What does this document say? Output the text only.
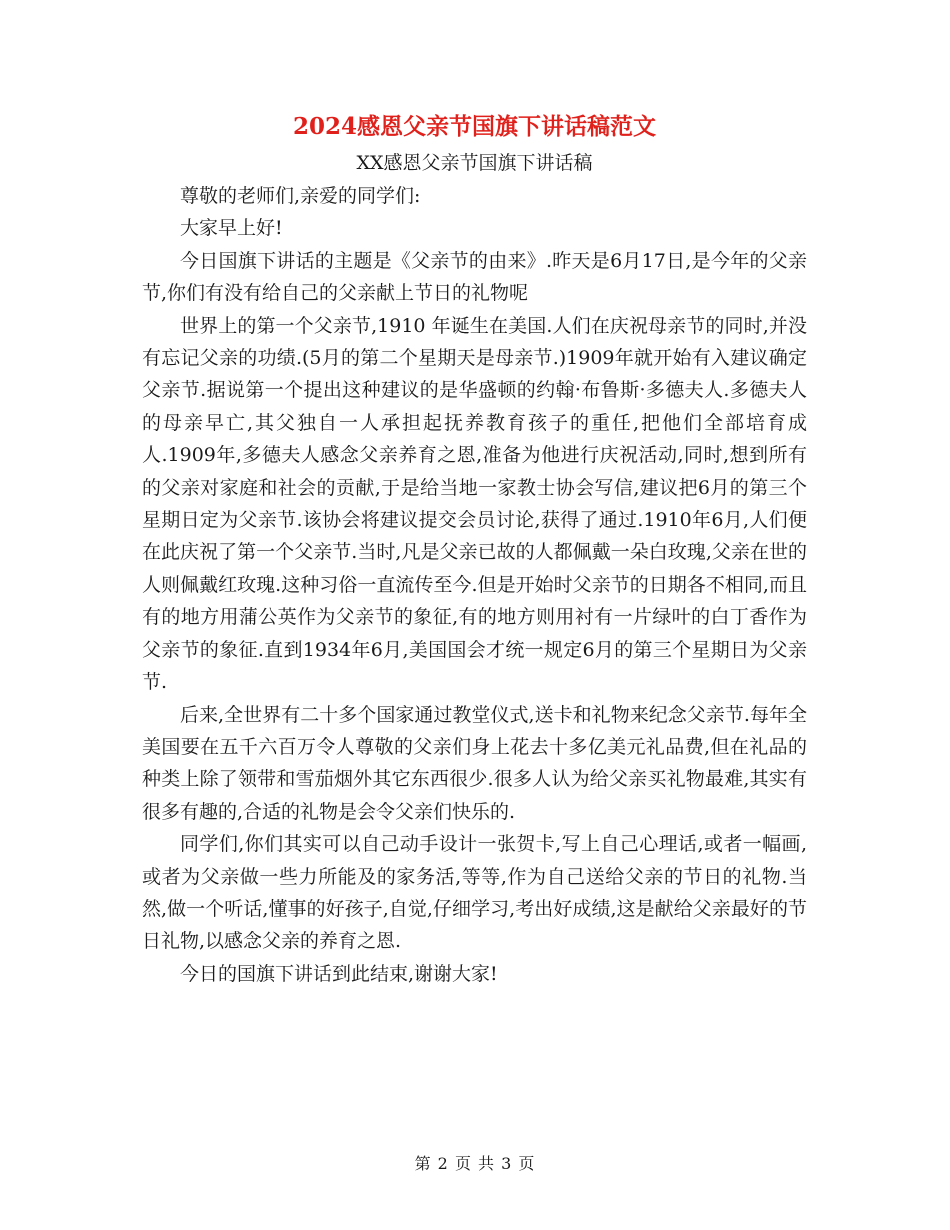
2024感恩父亲节国旗下讲话稿范文
XX感恩父亲节国旗下讲话稿

尊敬的老师们,亲爱的同学们:

大家早上好!

今日国旗下讲话的主题是《父亲节的由来》.昨天是6月17日,是今年的父亲节,你们有没有给自己的父亲献上节日的礼物呢

世界上的第一个父亲节,1910 年诞生在美国.人们在庆祝母亲节的同时,并没有忘记父亲的功绩.(5月的第二个星期天是母亲节.)1909年就开始有入建议确定父亲节.据说第一个提出这种建议的是华盛顿的约翰·布鲁斯·多德夫人.多德夫人的母亲早亡,其父独自一人承担起抚养教育孩子的重任,把他们全部培育成人.1909年,多德夫人感念父亲养育之恩,准备为他进行庆祝活动,同时,想到所有的父亲对家庭和社会的贡献,于是给当地一家教士协会写信,建议把6月的第三个星期日定为父亲节.该协会将建议提交会员讨论,获得了通过.1910年6月,人们便在此庆祝了第一个父亲节.当时,凡是父亲已故的人都佩戴一朵白玫瑰,父亲在世的人则佩戴红玫瑰.这种习俗一直流传至今.但是开始时父亲节的日期各不相同,而且有的地方用蒲公英作为父亲节的象征,有的地方则用衬有一片绿叶的白丁香作为父亲节的象征.直到1934年6月,美国国会才统一规定6月的第三个星期日为父亲节.

后来,全世界有二十多个国家通过教堂仪式,送卡和礼物来纪念父亲节.每年全美国要在五千六百万令人尊敬的父亲们身上花去十多亿美元礼品费,但在礼品的种类上除了领带和雪茄烟外其它东西很少.很多人认为给父亲买礼物最难,其实有很多有趣的,合适的礼物是会令父亲们快乐的.

同学们,你们其实可以自己动手设计一张贺卡,写上自己心理话,或者一幅画,或者为父亲做一些力所能及的家务活,等等,作为自己送给父亲的节日的礼物.当然,做一个听话,懂事的好孩子,自觉,仔细学习,考出好成绩,这是献给父亲最好的节日礼物,以感念父亲的养育之恩.

今日的国旗下讲话到此结束,谢谢大家!

第 2 页 共 3 页
